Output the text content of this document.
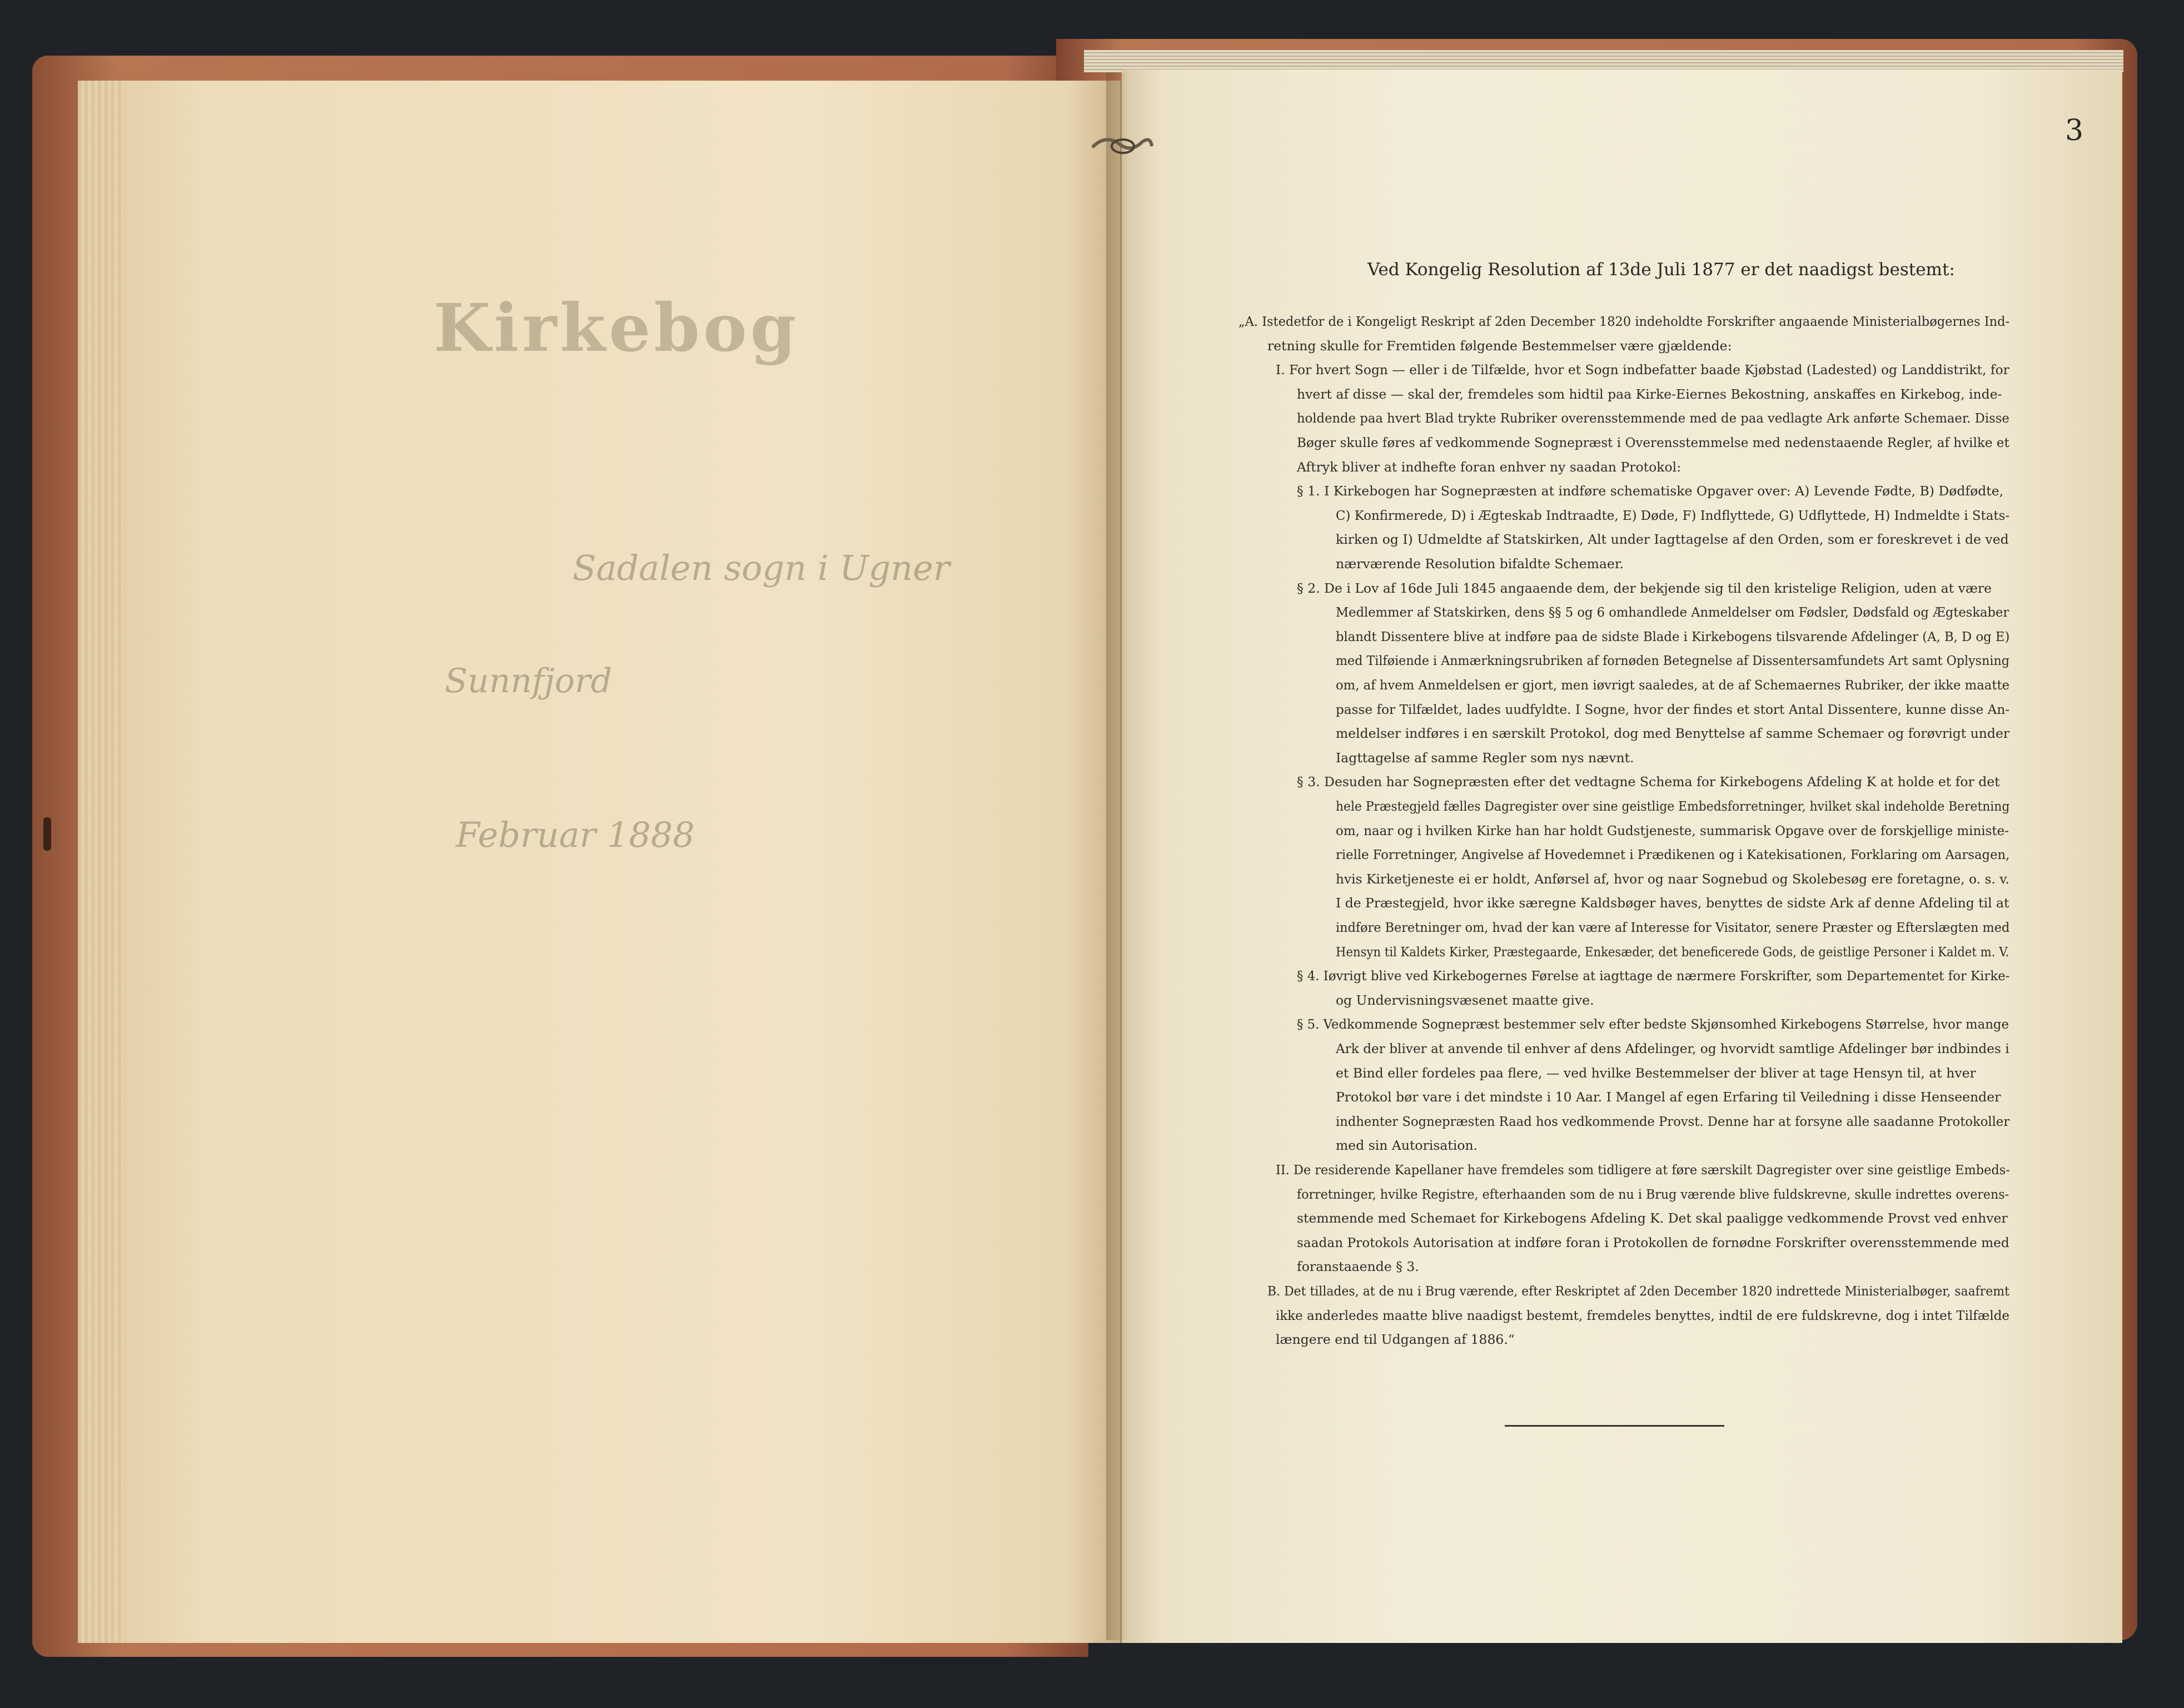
Kirkebog
Sadalen sogn i Ugner
Sunnfjord
Februar 1888
3
Ved Kongelig Resolution af 13de Juli 1877 er det naadigst bestemt:
„A. Istedetfor de i Kongeligt Reskript af 2den December 1820 indeholdte Forskrifter angaaende Ministerialbøgernes Ind-
retning skulle for Fremtiden følgende Bestemmelser være gjældende:
I. For hvert Sogn — eller i de Tilfælde, hvor et Sogn indbefatter baade Kjøbstad (Ladested) og Landdistrikt, for
hvert af disse — skal der, fremdeles som hidtil paa Kirke-Eiernes Bekostning, anskaffes en Kirkebog, inde-
holdende paa hvert Blad trykte Rubriker overensstemmende med de paa vedlagte Ark anførte Schemaer. Disse
Bøger skulle føres af vedkommende Sognepræst i Overensstemmelse med nedenstaaende Regler, af hvilke et
Aftryk bliver at indhefte foran enhver ny saadan Protokol:
§ 1. I Kirkebogen har Sognepræsten at indføre schematiske Opgaver over: A) Levende Fødte, B) Dødfødte,
C) Konfirmerede, D) i Ægteskab Indtraadte, E) Døde, F) Indflyttede, G) Udflyttede, H) Indmeldte i Stats-
kirken og I) Udmeldte af Statskirken, Alt under Iagttagelse af den Orden, som er foreskrevet i de ved
nærværende Resolution bifaldte Schemaer.
§ 2. De i Lov af 16de Juli 1845 angaaende dem, der bekjende sig til den kristelige Religion, uden at være
Medlemmer af Statskirken, dens §§ 5 og 6 omhandlede Anmeldelser om Fødsler, Dødsfald og Ægteskaber
blandt Dissentere blive at indføre paa de sidste Blade i Kirkebogens tilsvarende Afdelinger (A, B, D og E)
med Tilføiende i Anmærkningsrubriken af fornøden Betegnelse af Dissentersamfundets Art samt Oplysning
om, af hvem Anmeldelsen er gjort, men iøvrigt saaledes, at de af Schemaernes Rubriker, der ikke maatte
passe for Tilfældet, lades uudfyldte. I Sogne, hvor der findes et stort Antal Dissentere, kunne disse An-
meldelser indføres i en særskilt Protokol, dog med Benyttelse af samme Schemaer og forøvrigt under
Iagttagelse af samme Regler som nys nævnt.
§ 3. Desuden har Sognepræsten efter det vedtagne Schema for Kirkebogens Afdeling K at holde et for det
hele Præstegjeld fælles Dagregister over sine geistlige Embedsforretninger, hvilket skal indeholde Beretning
om, naar og i hvilken Kirke han har holdt Gudstjeneste, summarisk Opgave over de forskjellige ministe-
rielle Forretninger, Angivelse af Hovedemnet i Prædikenen og i Katekisationen, Forklaring om Aarsagen,
hvis Kirketjeneste ei er holdt, Anførsel af, hvor og naar Sognebud og Skolebesøg ere foretagne, o. s. v.
I de Præstegjeld, hvor ikke særegne Kaldsbøger haves, benyttes de sidste Ark af denne Afdeling til at
indføre Beretninger om, hvad der kan være af Interesse for Visitator, senere Præster og Efterslægten med
Hensyn til Kaldets Kirker, Præstegaarde, Enkesæder, det beneficerede Gods, de geistlige Personer i Kaldet m. V.
§ 4. Iøvrigt blive ved Kirkebogernes Førelse at iagttage de nærmere Forskrifter, som Departementet for Kirke-
og Undervisningsvæsenet maatte give.
§ 5. Vedkommende Sognepræst bestemmer selv efter bedste Skjønsomhed Kirkebogens Størrelse, hvor mange
Ark der bliver at anvende til enhver af dens Afdelinger, og hvorvidt samtlige Afdelinger bør indbindes i
et Bind eller fordeles paa flere, — ved hvilke Bestemmelser der bliver at tage Hensyn til, at hver
Protokol bør vare i det mindste i 10 Aar. I Mangel af egen Erfaring til Veiledning i disse Henseender
indhenter Sognepræsten Raad hos vedkommende Provst. Denne har at forsyne alle saadanne Protokoller
med sin Autorisation.
II. De residerende Kapellaner have fremdeles som tidligere at føre særskilt Dagregister over sine geistlige Embeds-
forretninger, hvilke Registre, efterhaanden som de nu i Brug værende blive fuldskrevne, skulle indrettes overens-
stemmende med Schemaet for Kirkebogens Afdeling K. Det skal paaligge vedkommende Provst ved enhver
saadan Protokols Autorisation at indføre foran i Protokollen de fornødne Forskrifter overensstemmende med
foranstaaende § 3.
B. Det tillades, at de nu i Brug værende, efter Reskriptet af 2den December 1820 indrettede Ministerialbøger, saafremt
ikke anderledes maatte blive naadigst bestemt, fremdeles benyttes, indtil de ere fuldskrevne, dog i intet Tilfælde
længere end til Udgangen af 1886.“
